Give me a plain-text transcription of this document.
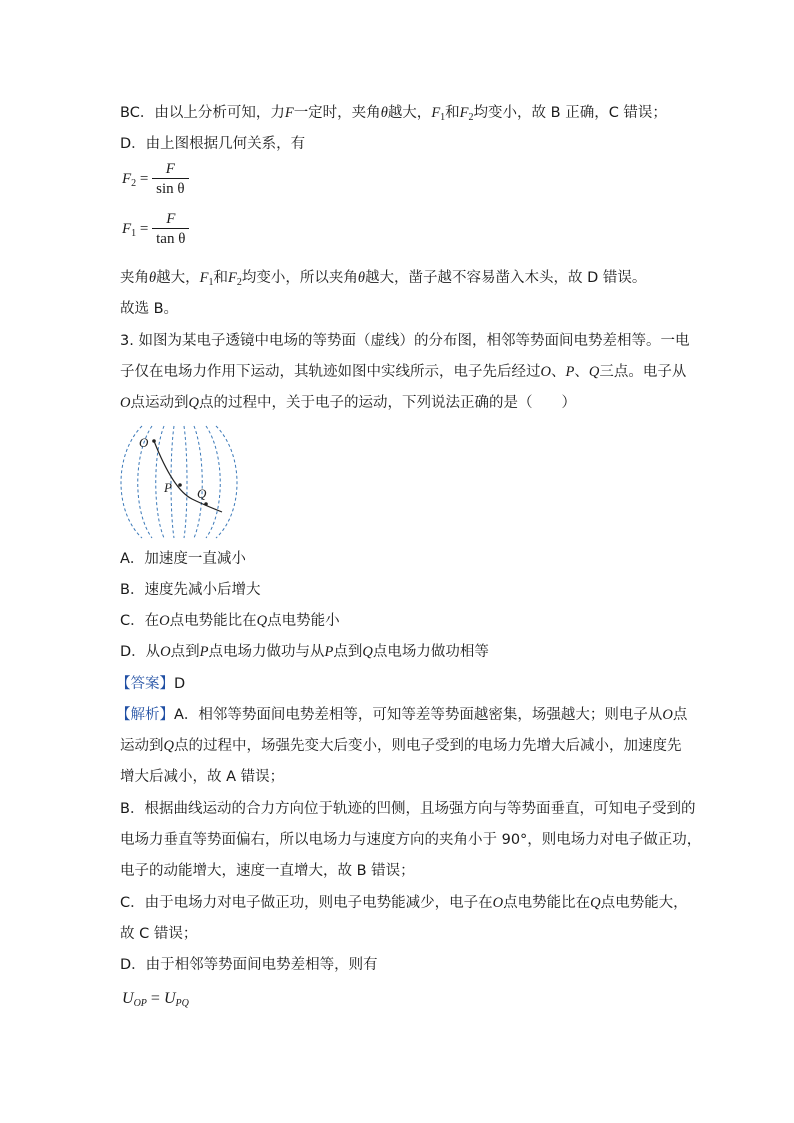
BC．由以上分析可知，力F一定时，夹角θ越大，$F_1$和$F_2$均变小，故 B 正确，C 错误；
D．由上图根据几何关系，有
$F_2 = \frac{F}{\text{sin θ}}$
$F_1 = \frac{F}{\text{tan θ}}$
夹角θ越大，$F_1$和$F_2$均变小，所以夹角θ越大，凿子越不容易凿入木头，故 D 错误。
故选 B。
3. 如图为某电子透镜中电场的等势面（虚线）的分布图，相邻等势面间电势差相等。一电
子仅在电场力作用下运动，其轨迹如图中实线所示，电子先后经过O、P、Q三点。电子从
O点运动到Q点的过程中，关于电子的运动，下列说法正确的是（　　）
O
P Q
A．加速度一直减小
B．速度先减小后增大
C．在O点电势能比在Q点电势能小
D．从O点到P点电场力做功与从P点到Q点电场力做功相等
【答案】D
【解析】A．相邻等势面间电势差相等，可知等差等势面越密集，场强越大；则电子从O点
运动到Q点的过程中，场强先变大后变小，则电子受到的电场力先增大后减小，加速度先
增大后减小，故 A 错误；
B．根据曲线运动的合力方向位于轨迹的凹侧，且场强方向与等势面垂直，可知电子受到的
电场力垂直等势面偏右，所以电场力与速度方向的夹角小于 90°，则电场力对电子做正功，
电子的动能增大，速度一直增大，故 B 错误；
C．由于电场力对电子做正功，则电子电势能减少，电子在O点电势能比在Q点电势能大，
故 C 错误；
D．由于相邻等势面间电势差相等，则有
$U_{OP} = U_{PQ}$
